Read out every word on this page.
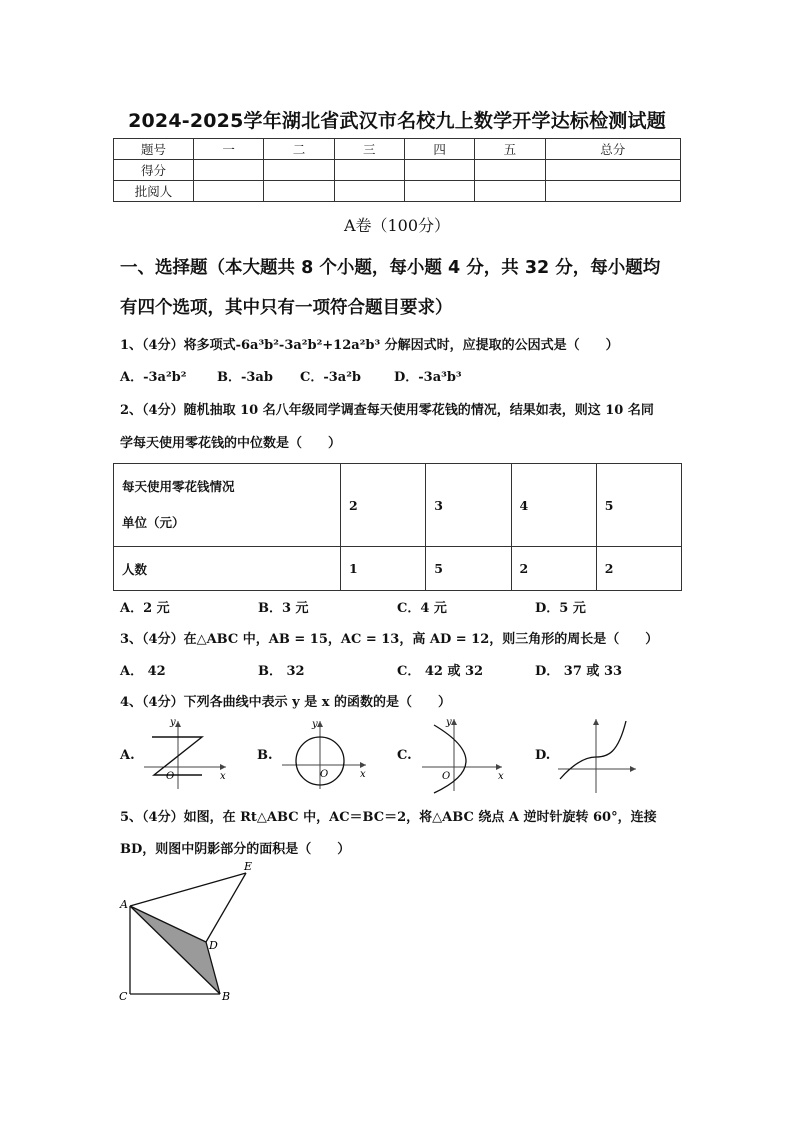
2024-2025学年湖北省武汉市名校九上数学开学达标检测试题
题号	一	二	三	四	五	总分
得分						
批阅人						
A卷（100分）
一、选择题（本大题共 8 个小题，每小题 4 分，共 32 分，每小题均
有四个选项，其中只有一项符合题目要求）
1、（4分）将多项式-6a³b²-3a²b²+12a²b³ 分解因式时，应提取的公因式是（　　）
A．-3a²b² B．-3ab C．-3a²b	D．-3a³b³
2、（4分）随机抽取 10 名八年级同学调查每天使用零花钱的情况，结果如表，则这 10 名同
学每天使用零花钱的中位数是（　　）
每天使用零花钱情况
单位（元）	2	3	4	5
人数	1	5	2	2
A．2 元	B．3 元	C．4 元	D．5 元
3、（4分）在△ABC 中，AB = 15，AC = 13，高 AD = 12，则三角形的周长是（　　）
A． 42	B． 32	C． 42 或 32	D． 37 或 33
4、（4分）下列各曲线中表示 y 是 x 的函数的是（　　）
A.
O	x
y
B.
O	x
y
C.
O	x
y
D.
5、（4分）如图，在 Rt△ABC 中，AC＝BC＝2，将△ABC 绕点 A 逆时针旋转 60°，连接
BD，则图中阴影部分的面积是（　　）
A
B
C
D
E
